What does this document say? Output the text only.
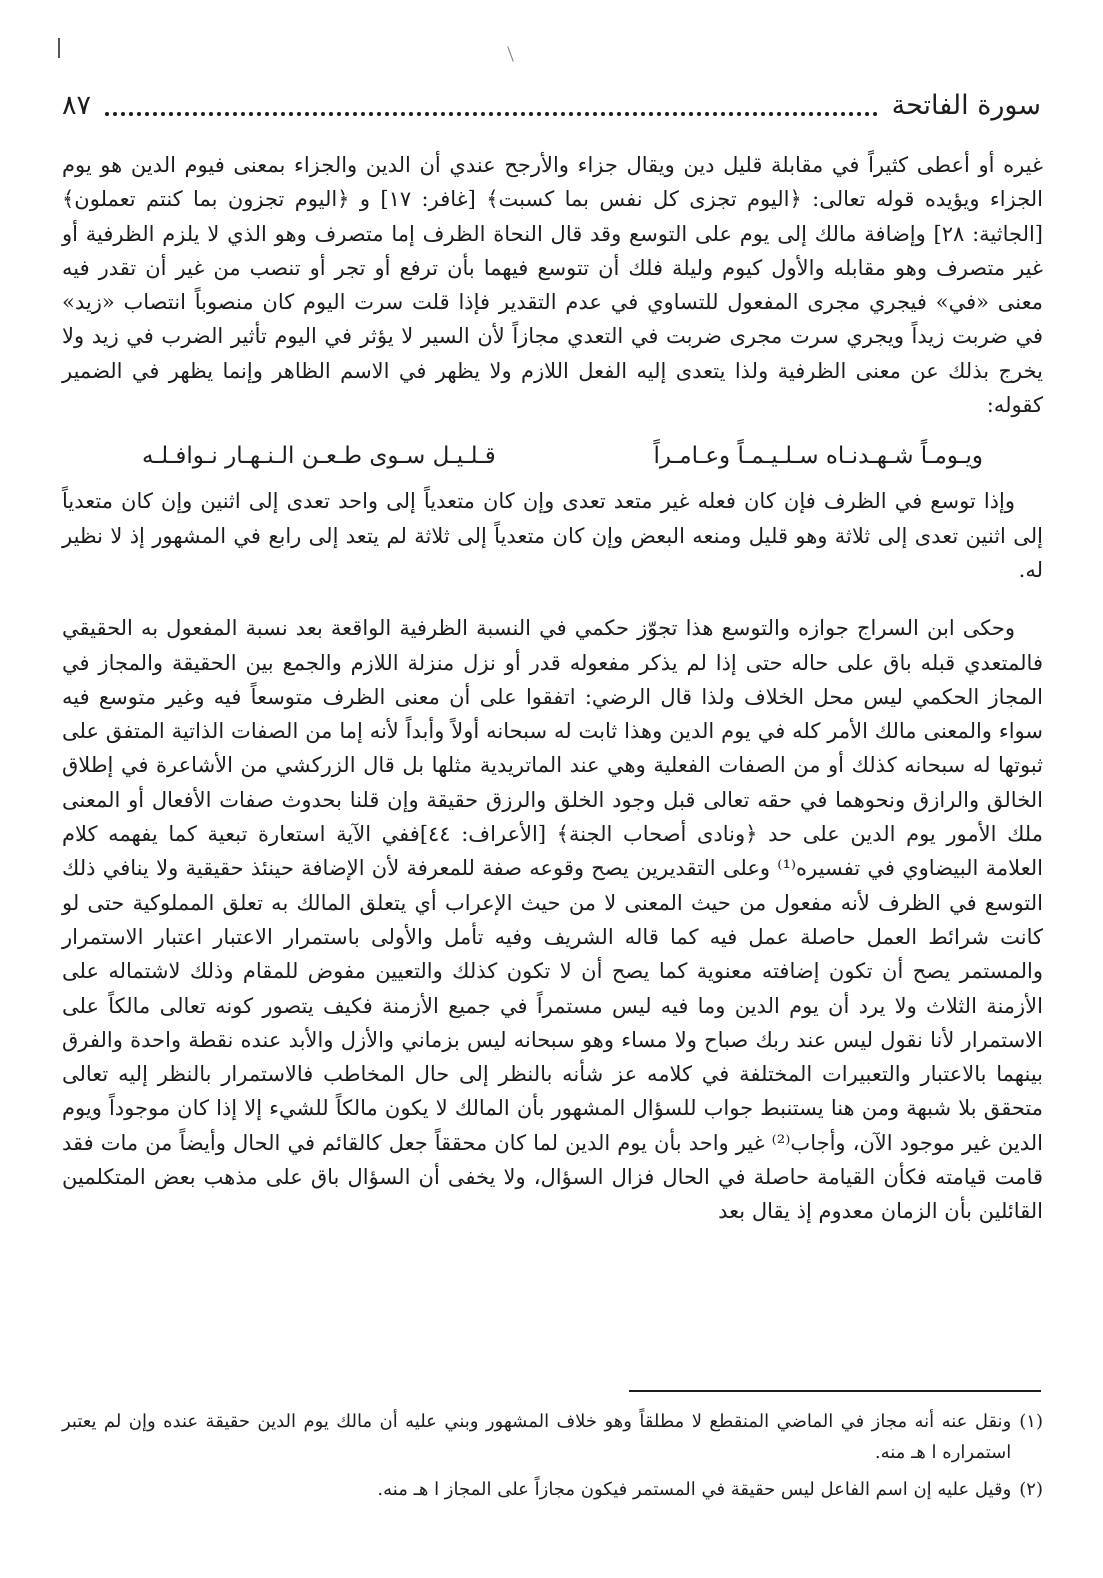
سورة الفاتحة
٨٧

غيره أو أعطى كثيراً في مقابلة قليل دين ويقال جزاء والأرجح عندي أن الدين والجزاء بمعنى فيوم الدين هو يوم الجزاء ويؤيده قوله تعالى: ﴿اليوم تجزى كل نفس بما كسبت﴾ [غافر: ١٧] و ﴿اليوم تجزون بما كنتم تعملون﴾ [الجاثية: ٢٨] وإضافة مالك إلى يوم على التوسع وقد قال النحاة الظرف إما متصرف وهو الذي لا يلزم الظرفية أو غير متصرف وهو مقابله والأول كيوم وليلة فلك أن تتوسع فيهما بأن ترفع أو تجر أو تنصب من غير أن تقدر فيه معنى «في» فيجري مجرى المفعول للتساوي في عدم التقدير فإذا قلت سرت اليوم كان منصوباً انتصاب «زيد» في ضربت زيداً ويجري سرت مجرى ضربت في التعدي مجازاً لأن السير لا يؤثر في اليوم تأثير الضرب في زيد ولا يخرج بذلك عن معنى الظرفية ولذا يتعدى إليه الفعل اللازم ولا يظهر في الاسم الظاهر وإنما يظهر في الضمير كقوله:

ويـومـاً شـهـدنـاه سـلـيـمـاً وعـامـراً
قـلـيـل سـوى طـعـن الـنـهـار نـوافـلـه

وإذا توسع في الظرف فإن كان فعله غير متعد تعدى وإن كان متعدياً إلى واحد تعدى إلى اثنين وإن كان متعدياً إلى اثنين تعدى إلى ثلاثة وهو قليل ومنعه البعض وإن كان متعدياً إلى ثلاثة لم يتعد إلى رابع في المشهور إذ لا نظير له.

وحكى ابن السراج جوازه والتوسع هذا تجوّز حكمي في النسبة الظرفية الواقعة بعد نسبة المفعول به الحقيقي فالمتعدي قبله باق على حاله حتى إذا لم يذكر مفعوله قدر أو نزل منزلة اللازم والجمع بين الحقيقة والمجاز في المجاز الحكمي ليس محل الخلاف ولذا قال الرضي: اتفقوا على أن معنى الظرف متوسعاً فيه وغير متوسع فيه سواء والمعنى مالك الأمر كله في يوم الدين وهذا ثابت له سبحانه أولاً وأبداً لأنه إما من الصفات الذاتية المتفق على ثبوتها له سبحانه كذلك أو من الصفات الفعلية وهي عند الماتريدية مثلها بل قال الزركشي من الأشاعرة في إطلاق الخالق والرازق ونحوهما في حقه تعالى قبل وجود الخلق والرزق حقيقة وإن قلنا بحدوث صفات الأفعال أو المعنى ملك الأمور يوم الدين على حد ﴿ونادى أصحاب الجنة﴾ [الأعراف: ٤٤]ففي الآية استعارة تبعية كما يفهمه كلام العلامة البيضاوي في تفسيره⁽¹⁾ وعلى التقديرين يصح وقوعه صفة للمعرفة لأن الإضافة حينئذ حقيقية ولا ينافي ذلك التوسع في الظرف لأنه مفعول من حيث المعنى لا من حيث الإعراب أي يتعلق المالك به تعلق المملوكية حتى لو كانت شرائط العمل حاصلة عمل فيه كما قاله الشريف وفيه تأمل والأولى باستمرار الاعتبار اعتبار الاستمرار والمستمر يصح أن تكون إضافته معنوية كما يصح أن لا تكون كذلك والتعيين مفوض للمقام وذلك لاشتماله على الأزمنة الثلاث ولا يرد أن يوم الدين وما فيه ليس مستمراً في جميع الأزمنة فكيف يتصور كونه تعالى مالكاً على الاستمرار لأنا نقول ليس عند ربك صباح ولا مساء وهو سبحانه ليس بزماني والأزل والأبد عنده نقطة واحدة والفرق بينهما بالاعتبار والتعبيرات المختلفة في كلامه عز شأنه بالنظر إلى حال المخاطب فالاستمرار بالنظر إليه تعالى متحقق بلا شبهة ومن هنا يستنبط جواب للسؤال المشهور بأن المالك لا يكون مالكاً للشيء إلا إذا كان موجوداً ويوم الدين غير موجود الآن، وأجاب⁽²⁾ غير واحد بأن يوم الدين لما كان محققاً جعل كالقائم في الحال وأيضاً من مات فقد قامت قيامته فكأن القيامة حاصلة في الحال فزال السؤال، ولا يخفى أن السؤال باق على مذهب بعض المتكلمين القائلين بأن الزمان معدوم إذ يقال بعد

(١)
ونقل عنه أنه مجاز في الماضي المنقطع لا مطلقاً وهو خلاف المشهور وبني عليه أن مالك يوم الدين حقيقة عنده وإن لم يعتبر استمراره ا هـ منه.
(٢)
وقيل عليه إن اسم الفاعل ليس حقيقة في المستمر فيكون مجازاً على المجاز ا هـ منه.
